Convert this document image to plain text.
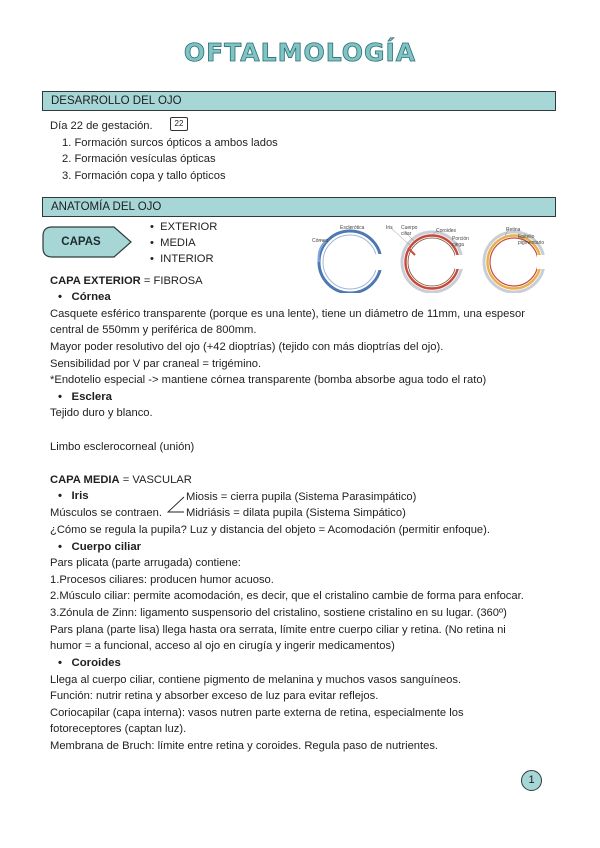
OFTALMOLOGÍA
DESARROLLO DEL OJO
Día 22 de gestación.	22
1. Formación surcos ópticos a ambos lados
2. Formación vesículas ópticas
3. Formación copa y tallo ópticos
ANATOMÍA DEL OJO
CAPAS
•  EXTERIOR
•  MEDIA
•  INTERIOR
Córnea
Esclerótica	Iris Cuerpo ciliar	Coroides
Porción ciega
Retina
Epitelio pigmentario
CAPA EXTERIOR = FIBROSA
•   Córnea
Casquete esférico transparente (porque es una lente), tiene un diámetro de 11mm, una espesor
central de 550mm y periférica de 800mm.
Mayor poder resolutivo del ojo (+42 dioptrías) (tejido con más dioptrías del ojo).
Sensibilidad por V par craneal = trigémino.
*Endotelio especial -> mantiene córnea transparente (bomba absorbe agua todo el rato)
•   Esclera
Tejido duro y blanco.
Limbo esclerocorneal (unión)
CAPA MEDIA = VASCULAR
•   Iris
Músculos se contraen.
Miosis = cierra pupila (Sistema Parasimpático)
Midriásis = dilata pupila (Sistema Simpático)
¿Cómo se regula la pupila? Luz y distancia del objeto = Acomodación (permitir enfoque).
•   Cuerpo ciliar
Pars plicata (parte arrugada) contiene:
1.Procesos ciliares: producen humor acuoso.
2.Músculo ciliar: permite acomodación, es decir, que el cristalino cambie de forma para enfocar.
3.Zónula de Zinn: ligamento suspensorio del cristalino, sostiene cristalino en su lugar. (360º)
Pars plana (parte lisa) llega hasta ora serrata, límite entre cuerpo ciliar y retina. (No retina ni
humor = a funcional, acceso al ojo en cirugía y ingerir medicamentos)
•   Coroides
Llega al cuerpo ciliar, contiene pigmento de melanina y muchos vasos sanguíneos.
Función: nutrir retina y absorber exceso de luz para evitar reflejos.
Coriocapilar (capa interna): vasos nutren parte externa de retina, especialmente los
fotoreceptores (captan luz).
Membrana de Bruch: límite entre retina y coroides. Regula paso de nutrientes.
1
